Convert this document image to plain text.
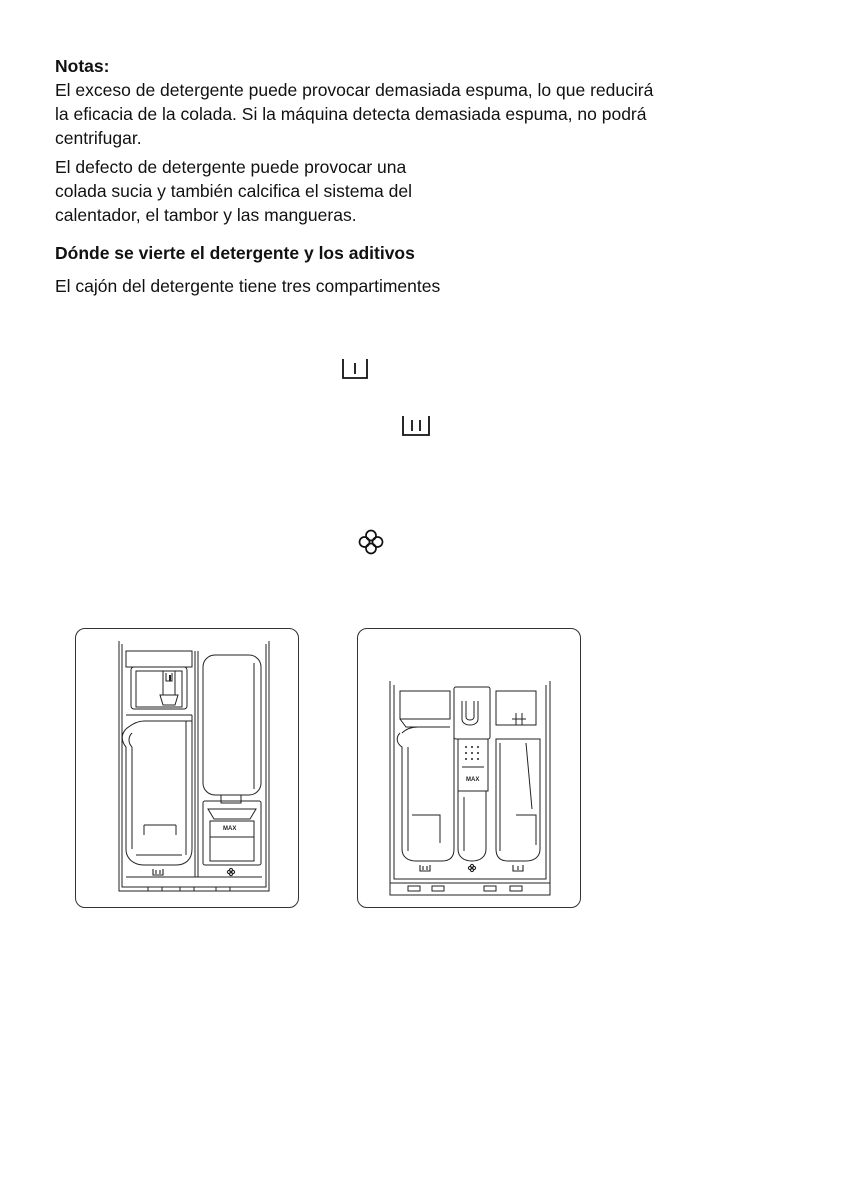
Notas:

El exceso de detergente puede provocar demasiada espuma, lo que reducirá
la eficacia de la colada. Si la máquina detecta demasiada espuma, no podrá
centrifugar.

El defecto de detergente puede provocar una
colada sucia y también calcifica el sistema del
calentador, el tambor y las mangueras.

Dónde se vierte el detergente y los aditivos

El cajón del detergente tiene tres compartimentes

MAX
MAX
